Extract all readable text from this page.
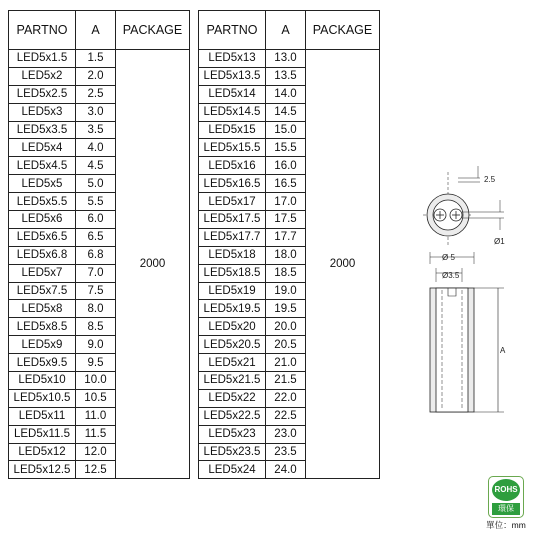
PARTNO	A	PACKAGE
LED5x1.5	1.5	2000
LED5x2	2.0	
LED5x2.5	2.5	
LED5x3	3.0	
LED5x3.5	3.5	
LED5x4	4.0	
LED5x4.5	4.5	
LED5x5	5.0	
LED5x5.5	5.5	
LED5x6	6.0	
LED5x6.5	6.5	
LED5x6.8	6.8	
LED5x7	7.0	
LED5x7.5	7.5	
LED5x8	8.0	
LED5x8.5	8.5	
LED5x9	9.0	
LED5x9.5	9.5	
LED5x10	10.0	
LED5x10.5	10.5	
LED5x11	11.0	
LED5x11.5	11.5	
LED5x12	12.0	
LED5x12.5	12.5	
PARTNO	A	PACKAGE
LED5x13	13.0	2000
LED5x13.5	13.5	
LED5x14	14.0	
LED5x14.5	14.5	
LED5x15	15.0	
LED5x15.5	15.5	
LED5x16	16.0	
LED5x16.5	16.5	
LED5x17	17.0	
LED5x17.5	17.5	
LED5x17.7	17.7	
LED5x18	18.0	
LED5x18.5	18.5	
LED5x19	19.0	
LED5x19.5	19.5	
LED5x20	20.0	
LED5x20.5	20.5	
LED5x21	21.0	
LED5x21.5	21.5	
LED5x22	22.0	
LED5x22.5	22.5	
LED5x23	23.0	
LED5x23.5	23.5	
LED5x24	24.0	
2.5
Ø1
Ø 5
Ø3.5
A
ROHS
環保
單位：mm
